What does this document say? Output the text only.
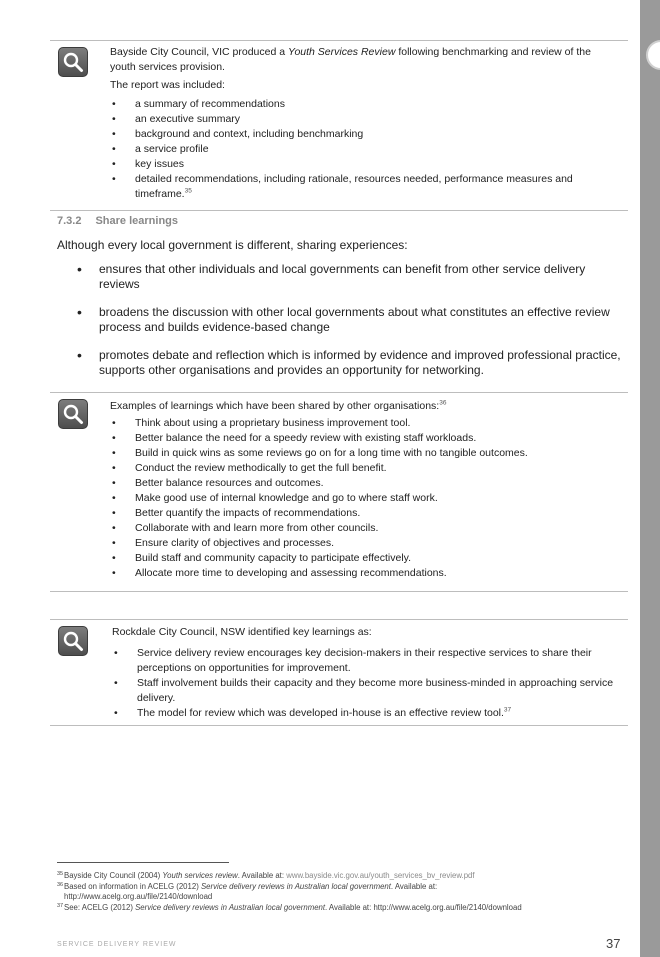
Bayside City Council, VIC produced a Youth Services Review following benchmarking and review of the youth services provision.

The report was included:

• a summary of recommendations
• an executive summary
• background and context, including benchmarking
• a service profile
• key issues
• detailed recommendations, including rationale, resources needed, performance measures and timeframe.$^{35}$
7.3.2 Share learnings

Although every local government is different, sharing experiences:

• ensures that other individuals and local governments can benefit from other service delivery reviews
• broadens the discussion with other local governments about what constitutes an effective review process and builds evidence-based change
• promotes debate and reflection which is informed by evidence and improved professional practice, supports other organisations and provides an opportunity for networking.

Examples of learnings which have been shared by other organisations:$^{36}$

• Think about using a proprietary business improvement tool.
• Better balance the need for a speedy review with existing staff workloads.
• Build in quick wins as some reviews go on for a long time with no tangible outcomes.
• Conduct the review methodically to get the full benefit.
• Better balance resources and outcomes.
• Make good use of internal knowledge and go to where staff work.
• Better quantify the impacts of recommendations.
• Collaborate with and learn more from other councils.
• Ensure clarity of objectives and processes.
• Build staff and community capacity to participate effectively.
• Allocate more time to developing and assessing recommendations.

Rockdale City Council, NSW identified key learnings as:

• Service delivery review encourages key decision-makers in their respective services to share their perceptions on opportunities for improvement.
• Staff involvement builds their capacity and they become more business-minded in approaching service delivery.
• The model for review which was developed in-house is an effective review tool.$^{37}$
35 Bayside City Council (2004) Youth services review. Available at: www.bayside.vic.gov.au/youth_services_bv_review.pdf
36 Based on information in ACELG (2012) Service delivery reviews in Australian local government. Available at:
http://www.acelg.org.au/file/2140/download
37 See: ACELG (2012) Service delivery reviews in Australian local government. Available at: http://www.acelg.org.au/file/2140/download
SERVICE DELIVERY REVIEW	37
